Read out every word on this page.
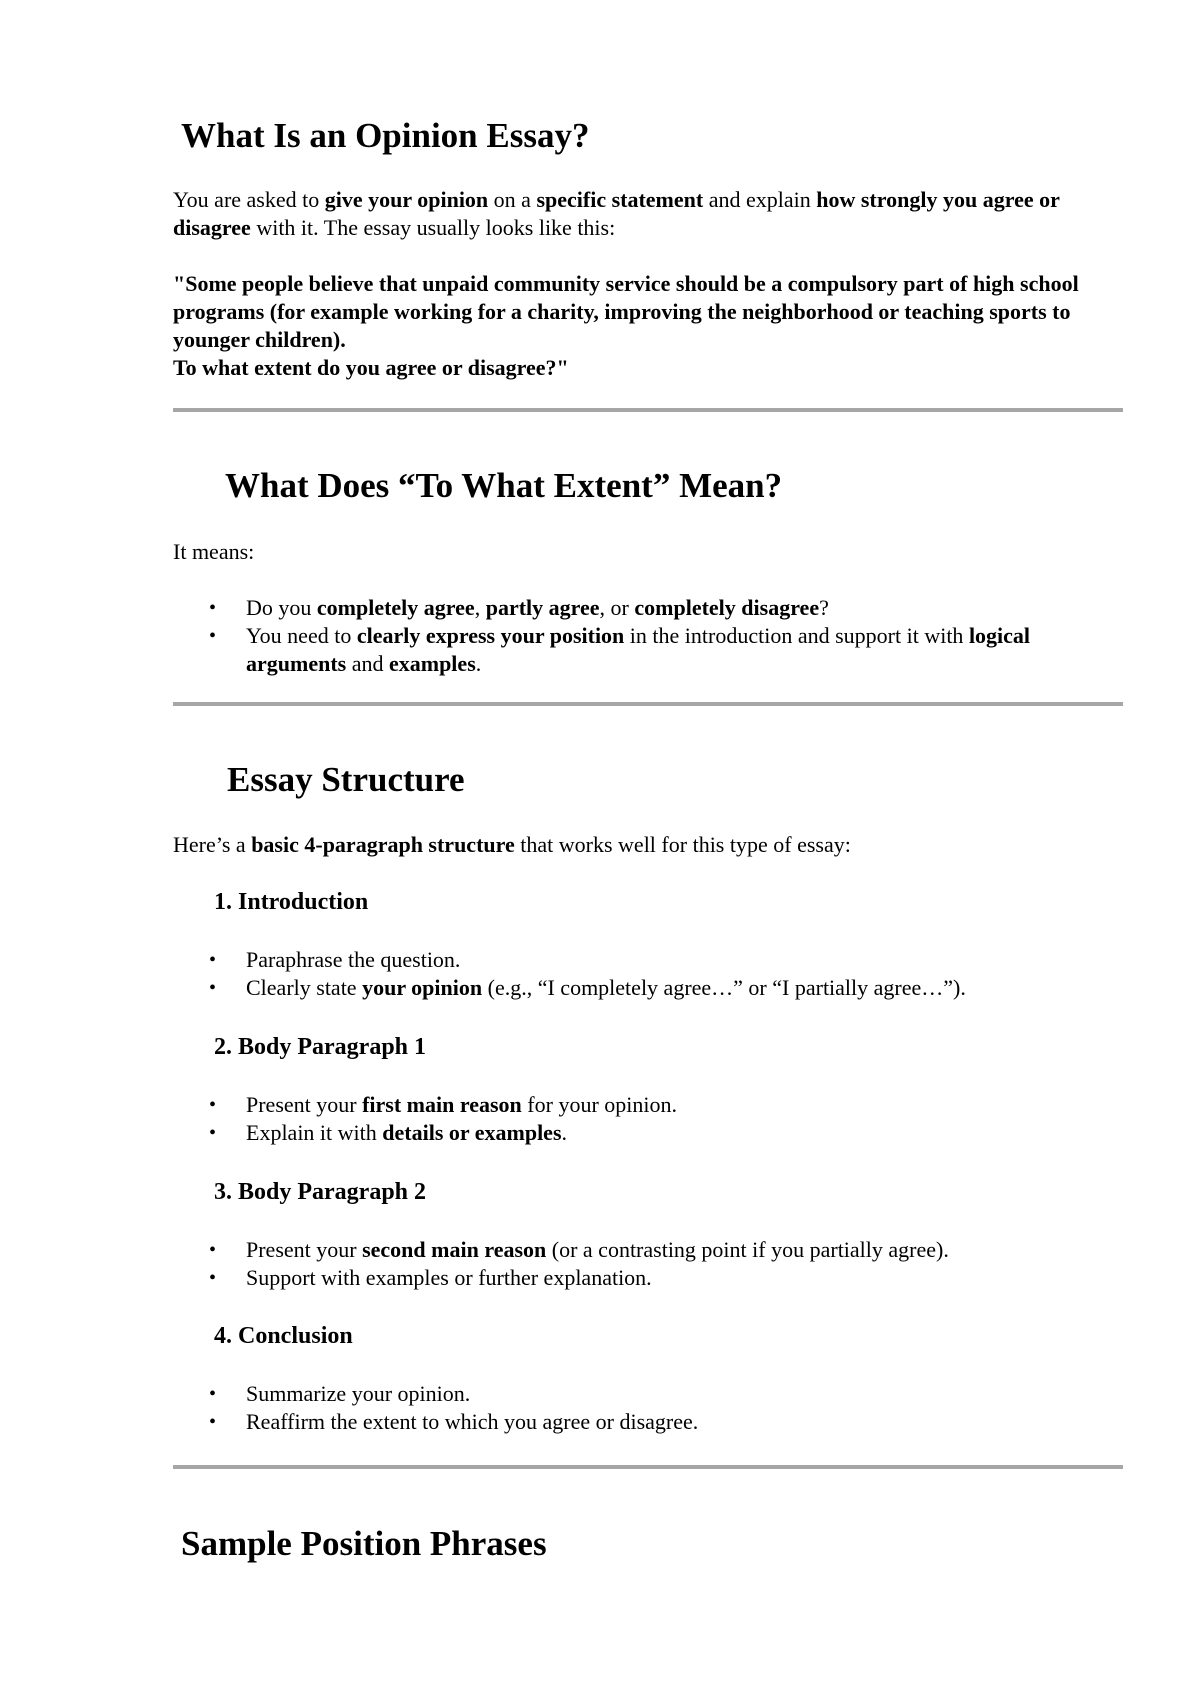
What Is an Opinion Essay?

You are asked to give your opinion on a specific statement and explain how strongly you agree or disagree with it. The essay usually looks like this:

"Some people believe that unpaid community service should be a compulsory part of high school programs (for example working for a charity, improving the neighborhood or teaching sports to younger children).
To what extent do you agree or disagree?"

What Does “To What Extent” Mean?

It means:

• Do you completely agree, partly agree, or completely disagree?
• You need to clearly express your position in the introduction and support it with logical arguments and examples.
Essay Structure

Here’s a basic 4-paragraph structure that works well for this type of essay:

1. Introduction
• Paraphrase the question.
• Clearly state your opinion (e.g., “I completely agree…” or “I partially agree…”).
2. Body Paragraph 1
• Present your first main reason for your opinion.
• Explain it with details or examples.
3. Body Paragraph 2
• Present your second main reason (or a contrasting point if you partially agree).
• Support with examples or further explanation.
4. Conclusion
• Summarize your opinion.
• Reaffirm the extent to which you agree or disagree.
Sample Position Phrases
